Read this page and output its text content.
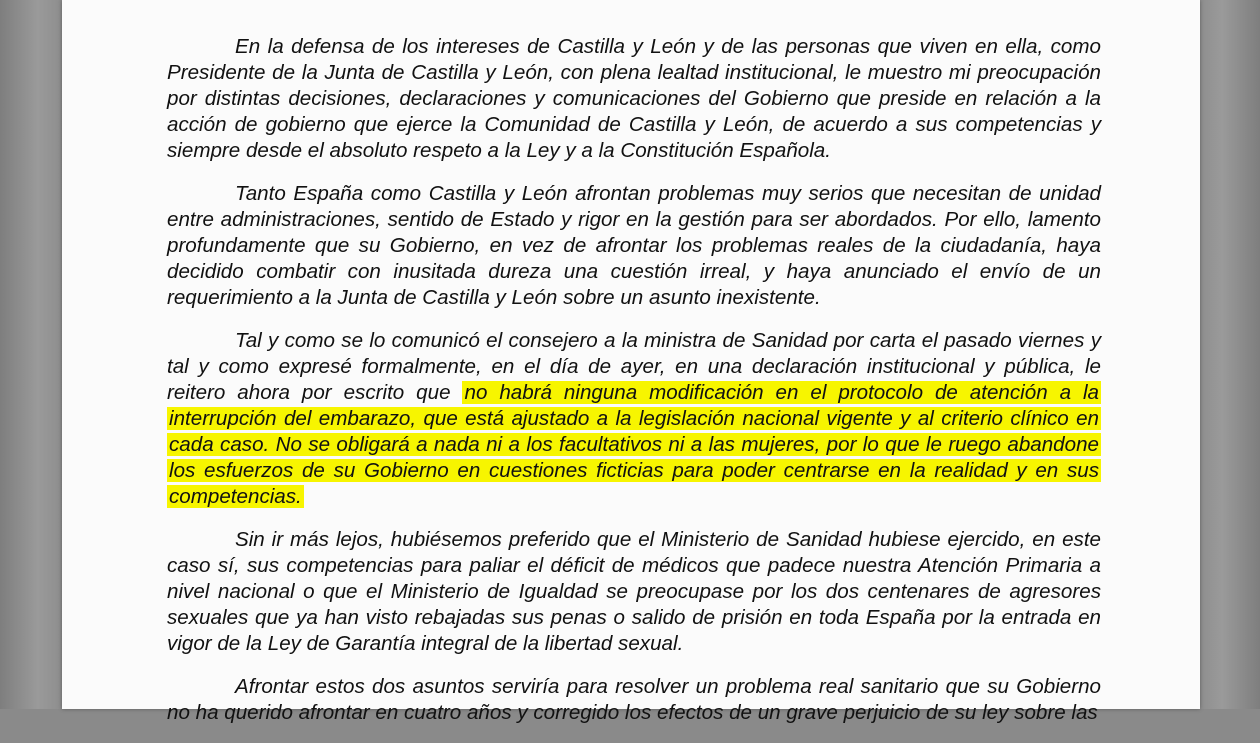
En la defensa de los intereses de Castilla y León y de las personas que viven en ella, como Presidente de la Junta de Castilla y León, con plena lealtad institucional, le muestro mi preocupación por distintas decisiones, declaraciones y comunicaciones del Gobierno que preside en relación a la acción de gobierno que ejerce la Comunidad de Castilla y León, de acuerdo a sus competencias y siempre desde el absoluto respeto a la Ley y a la Constitución Española.

Tanto España como Castilla y León afrontan problemas muy serios que necesitan de unidad entre administraciones, sentido de Estado y rigor en la gestión para ser abordados. Por ello, lamento profundamente que su Gobierno, en vez de afrontar los problemas reales de la ciudadanía, haya decidido combatir con inusitada dureza una cuestión irreal, y haya anunciado el envío de un requerimiento a la Junta de Castilla y León sobre un asunto inexistente.

Tal y como se lo comunicó el consejero a la ministra de Sanidad por carta el pasado viernes y tal y como expresé formalmente, en el día de ayer, en una declaración institucional y pública, le reitero ahora por escrito que no habrá ninguna modificación en el protocolo de atención a la interrupción del embarazo, que está ajustado a la legislación nacional vigente y al criterio clínico en cada caso. No se obligará a nada ni a los facultativos ni a las mujeres, por lo que le ruego abandone los esfuerzos de su Gobierno en cuestiones ficticias para poder centrarse en la realidad y en sus competencias.

Sin ir más lejos, hubiésemos preferido que el Ministerio de Sanidad hubiese ejercido, en este caso sí, sus competencias para paliar el déficit de médicos que padece nuestra Atención Primaria a nivel nacional o que el Ministerio de Igualdad se preocupase por los dos centenares de agresores sexuales que ya han visto rebajadas sus penas o salido de prisión en toda España por la entrada en vigor de la Ley de Garantía integral de la libertad sexual.

Afrontar estos dos asuntos serviría para resolver un problema real sanitario que su Gobierno no ha querido afrontar en cuatro años y corregido los efectos de un grave perjuicio de su ley sobre las
